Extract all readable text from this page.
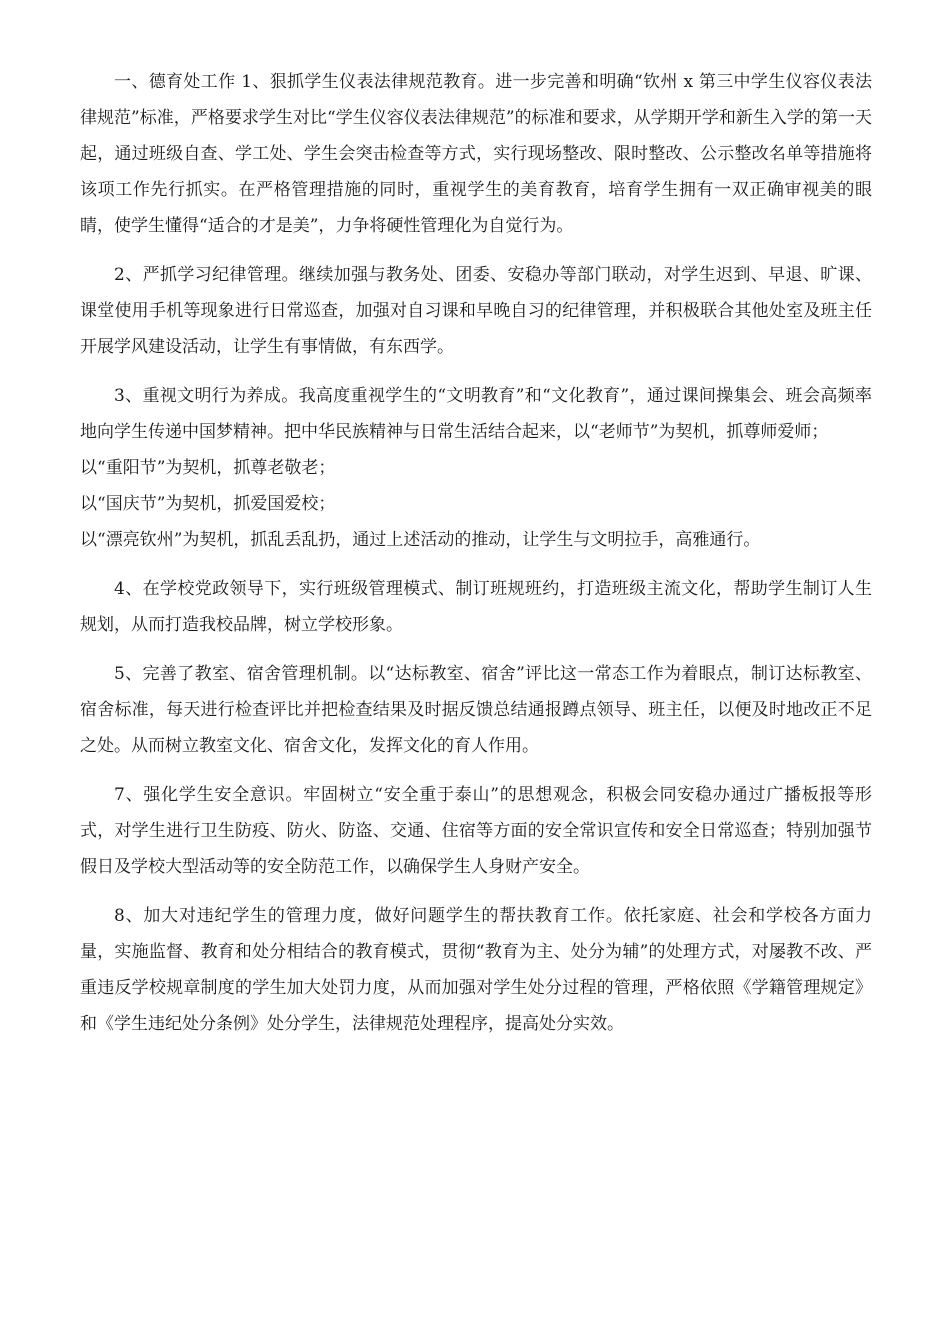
一、德育处工作 1、狠抓学生仪表法律规范教育。进一步完善和明确“钦州 x 第三中学生仪容仪表法律规范”标准，严格要求学生对比“学生仪容仪表法律规范”的标准和要求，从学期开学和新生入学的第一天起，通过班级自查、学工处、学生会突击检查等方式，实行现场整改、限时整改、公示整改名单等措施将该项工作先行抓实。在严格管理措施的同时，重视学生的美育教育，培育学生拥有一双正确审视美的眼睛，使学生懂得“适合的才是美”，力争将硬性管理化为自觉行为。

2、严抓学习纪律管理。继续加强与教务处、团委、安稳办等部门联动，对学生迟到、早退、旷课、课堂使用手机等现象进行日常巡查，加强对自习课和早晚自习的纪律管理，并积极联合其他处室及班主任开展学风建设活动，让学生有事情做，有东西学。

3、重视文明行为养成。我高度重视学生的“文明教育”和“文化教育”，通过课间操集会、班会高频率地向学生传递中国梦精神。把中华民族精神与日常生活结合起来，以“老师节”为契机，抓尊师爱师；

以“重阳节”为契机，抓尊老敬老；

以“国庆节”为契机，抓爱国爱校；

以“漂亮钦州”为契机，抓乱丢乱扔，通过上述活动的推动，让学生与文明拉手，高雅通行。

4、在学校党政领导下，实行班级管理模式、制订班规班约，打造班级主流文化，帮助学生制订人生规划，从而打造我校品牌，树立学校形象。

5、完善了教室、宿舍管理机制。以“达标教室、宿舍”评比这一常态工作为着眼点，制订达标教室、宿舍标准，每天进行检查评比并把检查结果及时据反馈总结通报蹲点领导、班主任，以便及时地改正不足之处。从而树立教室文化、宿舍文化，发挥文化的育人作用。

7、强化学生安全意识。牢固树立“安全重于泰山”的思想观念，积极会同安稳办通过广播板报等形式，对学生进行卫生防疫、防火、防盗、交通、住宿等方面的安全常识宣传和安全日常巡查；特别加强节假日及学校大型活动等的安全防范工作，以确保学生人身财产安全。

8、加大对违纪学生的管理力度，做好问题学生的帮扶教育工作。依托家庭、社会和学校各方面力量，实施监督、教育和处分相结合的教育模式，贯彻“教育为主、处分为辅”的处理方式，对屡教不改、严重违反学校规章制度的学生加大处罚力度，从而加强对学生处分过程的管理，严格依照《学籍管理规定》和《学生违纪处分条例》处分学生，法律规范处理程序，提高处分实效。
